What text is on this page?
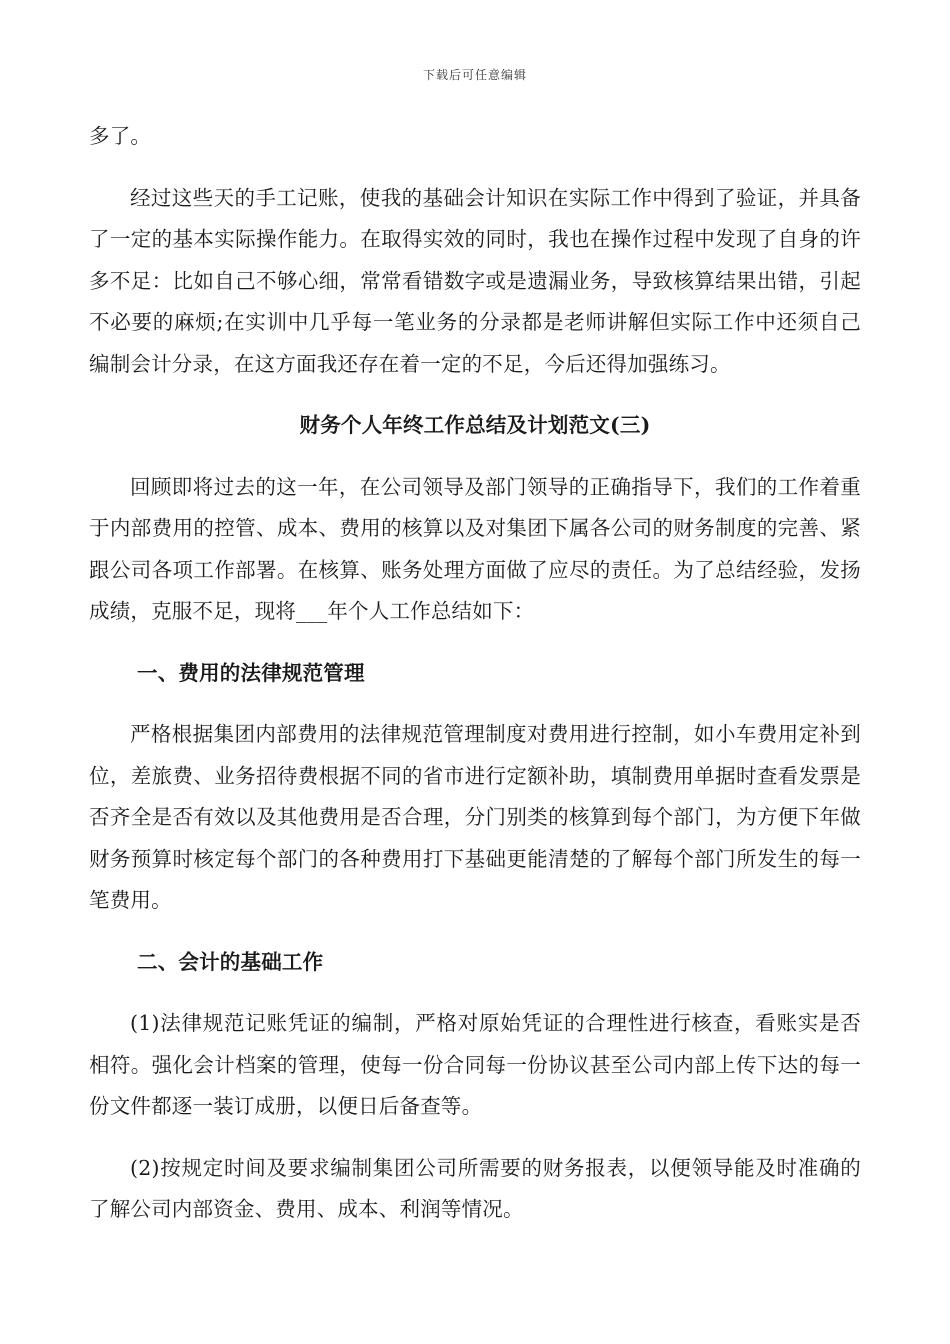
下载后可任意编辑

多了。

经过这些天的手工记账，使我的基础会计知识在实际工作中得到了验证，并具备了一定的基本实际操作能力。在取得实效的同时，我也在操作过程中发现了自身的许多不足：比如自己不够心细，常常看错数字或是遗漏业务，导致核算结果出错，引起不必要的麻烦;在实训中几乎每一笔业务的分录都是老师讲解但实际工作中还须自己编制会计分录，在这方面我还存在着一定的不足，今后还得加强练习。

财务个人年终工作总结及计划范文(三)

回顾即将过去的这一年，在公司领导及部门领导的正确指导下，我们的工作着重于内部费用的控管、成本、费用的核算以及对集团下属各公司的财务制度的完善、紧跟公司各项工作部署。在核算、账务处理方面做了应尽的责任。为了总结经验，发扬成绩，克服不足，现将___年个人工作总结如下：

一、费用的法律规范管理

严格根据集团内部费用的法律规范管理制度对费用进行控制，如小车费用定补到位，差旅费、业务招待费根据不同的省市进行定额补助，填制费用单据时查看发票是否齐全是否有效以及其他费用是否合理，分门别类的核算到每个部门，为方便下年做财务预算时核定每个部门的各种费用打下基础更能清楚的了解每个部门所发生的每一笔费用。

二、会计的基础工作

(1)法律规范记账凭证的编制，严格对原始凭证的合理性进行核查，看账实是否相符。强化会计档案的管理，使每一份合同每一份协议甚至公司内部上传下达的每一份文件都逐一装订成册，以便日后备查等。

(2)按规定时间及要求编制集团公司所需要的财务报表，以便领导能及时准确的了解公司内部资金、费用、成本、利润等情况。
